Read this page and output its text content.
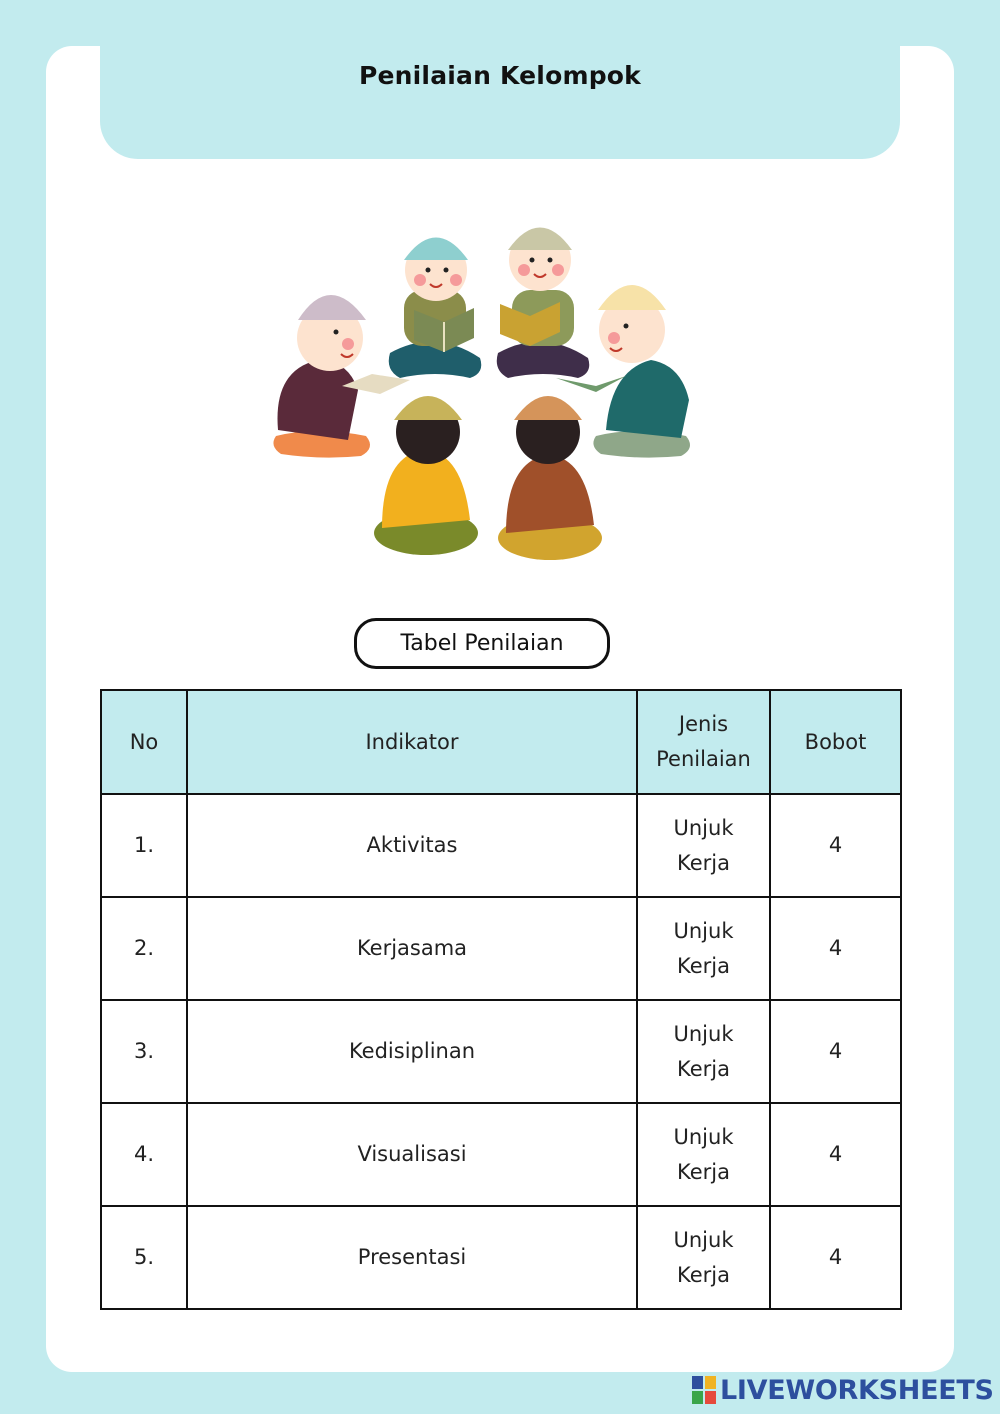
Penilaian Kelompok
Tabel Penilaian
No	Indikator	Jenis Penilaian	Bobot
1.	Aktivitas	Unjuk Kerja	4
2.	Kerjasama	Unjuk Kerja	4
3.	Kedisiplinan	Unjuk Kerja	4
4.	Visualisasi	Unjuk Kerja	4
5.	Presentasi	Unjuk Kerja	4
LIVEWORKSHEETS
